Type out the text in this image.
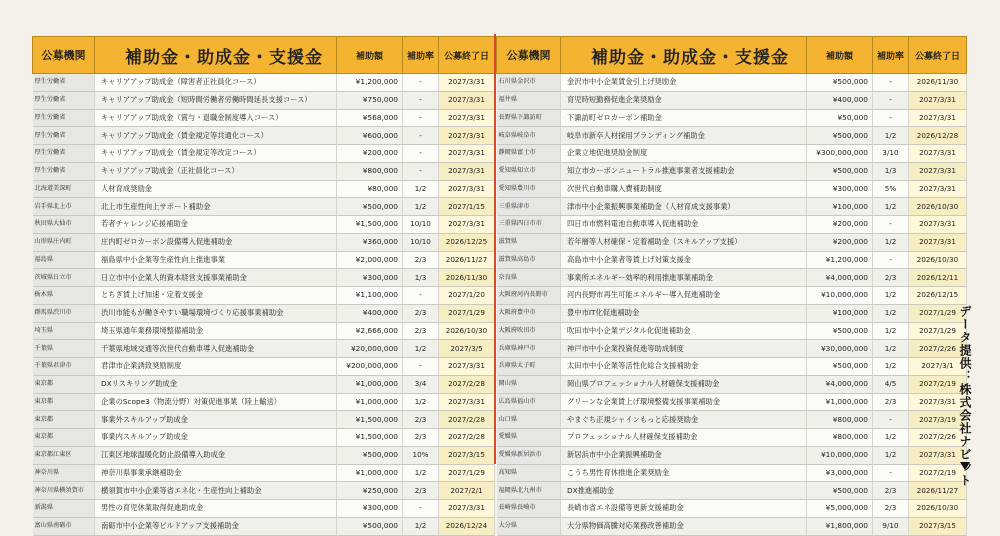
公募機関	補助金・助成金・支援金	補助額	補助率	公募終了日
厚生労働省	キャリアアップ助成金（障害者正社員化コース）	¥1,200,000	-	2027/3/31
厚生労働省	キャリアアップ助成金（短時間労働者労働時間延長支援コース）	¥750,000	-	2027/3/31
厚生労働省	キャリアアップ助成金（賞与・退職金制度導入コース）	¥568,000	-	2027/3/31
厚生労働省	キャリアアップ助成金（賃金規定等共通化コース）	¥600,000	-	2027/3/31
厚生労働省	キャリアアップ助成金（賃金規定等改定コース）	¥200,000	-	2027/3/31
厚生労働省	キャリアアップ助成金（正社員化コース）	¥800,000	-	2027/3/31
北海道美深町	人材育成奨励金	¥80,000	1/2	2027/3/31
岩手県北上市	北上市生産性向上サポート補助金	¥500,000	1/2	2027/1/15
秋田県大仙市	若者チャレンジ応援補助金	¥1,500,000	10/10	2027/3/31
山形県庄内町	庄内町ゼロカーボン設備導入促進補助金	¥360,000	10/10	2026/12/25
福島県	福島県中小企業等生産性向上推進事業	¥2,000,000	2/3	2026/11/27
茨城県日立市	日立市中小企業人的資本経営支援事業補助金	¥300,000	1/3	2026/11/30
栃木県	とちぎ賃上げ加速・定着支援金	¥1,100,000	-	2027/1/20
群馬県渋川市	渋川市能もが働きやすい職場環境づくり応援事業補助金	¥400,000	2/3	2027/1/29
埼玉県	埼玉県通年業務環境整備補助金	¥2,666,000	2/3	2026/10/30
千葉県	千葉県地域交通等次世代自動車導入促進補助金	¥20,000,000	1/2	2027/3/5
千葉県君津市	君津市企業誘致奨励制度	¥200,000,000	-	2027/3/31
東京都	DXリスキリング助成金	¥1,000,000	3/4	2027/2/28
東京都	企業のScope3（物流分野）対策促進事業（陸上輸送）	¥1,000,000	1/2	2027/3/31
東京都	事業外スキルアップ助成金	¥1,500,000	2/3	2027/2/28
東京都	事業内スキルアップ助成金	¥1,500,000	2/3	2027/2/28
東京都江東区	江東区地球温暖化防止設備導入助成金	¥500,000	10%	2027/3/15
神奈川県	神奈川県事業承継補助金	¥1,000,000	1/2	2027/1/29
神奈川県横須賀市	横須賀市中小企業等省エネ化・生産性向上補助金	¥250,000	2/3	2027/2/1
新潟県	男性の育児休業取得促進助成金	¥300,000	-	2027/3/31
富山県南砺市	南砺市中小企業等ビルドアップ支援補助金	¥500,000	1/2	2026/12/24
公募機関	補助金・助成金・支援金	補助額	補助率	公募終了日
石川県金沢市	金沢市中小企業賃金引上げ奨励金	¥500,000	-	2026/11/30
福井県	育児時短勤務促進企業奨励金	¥400,000	-	2027/3/31
長野県下諏訪町	下諏訪町ゼロカーボン補助金	¥50,000	-	2027/3/31
岐阜県岐阜市	岐阜市新卒人材採用ブランディング補助金	¥500,000	1/2	2026/12/28
静岡県富士市	企業立地促進奨励金制度	¥300,000,000	3/10	2027/3/31
愛知県知立市	知立市カーボンニュートラル推進事業者支援補助金	¥500,000	1/3	2027/3/31
愛知県豊川市	次世代自動車購入費補助制度	¥300,000	5%	2027/3/31
三重県津市	津市中小企業振興事業補助金（人材育成支援事業）	¥100,000	1/2	2026/10/30
三重県四日市市	四日市市燃料電池自動車導入促進補助金	¥200,000	-	2027/3/31
滋賀県	若年層等人材確保・定着補助金（スキルアップ支援）	¥200,000	1/2	2027/3/31
滋賀県高島市	高島市中小企業者等賃上げ対策支援金	¥1,200,000	-	2026/10/30
奈良県	事業所エネルギー効率的利用推進事業補助金	¥4,000,000	2/3	2026/12/11
大阪府河内長野市	河内長野市再生可能エネルギー導入促進補助金	¥10,000,000	1/2	2026/12/15
大阪府豊中市	豊中市IT化促進補助金	¥100,000	1/2	2027/1/29
大阪府吹田市	吹田市中小企業デジタル化促進補助金	¥500,000	1/2	2027/1/29
兵庫県神戸市	神戸市中小企業投資促進等助成制度	¥30,000,000	1/2	2027/2/26
兵庫県太子町	太田市中小企業等活性化総合支援補助金	¥500,000	1/2	2027/3/1
岡山県	岡山県プロフェッショナル人材確保支援補助金	¥4,000,000	4/5	2027/2/19
広島県福山市	グリーンな企業賃上げ環境整備支援事業補助金	¥1,000,000	2/3	2027/3/31
山口県	やまぐち正規シャインもっと応援奨励金	¥800,000	-	2027/3/19
愛媛県	プロフェッショナル人材確保支援補助金	¥800,000	1/2	2027/2/26
愛媛県新居浜市	新居浜市中小企業振興補助金	¥10,000,000	1/2	2027/3/31
高知県	こうち男性育休推進企業奨励金	¥3,000,000	-	2027/2/19
福岡県北九州市	DX推進補助金	¥500,000	2/3	2026/11/27
長崎県長崎市	長崎市省エネ設備等更新支援補助金	¥5,000,000	2/3	2026/10/30
大分県	大分県物価高騰対応業務改善補助金	¥1,800,000	9/10	2027/3/15
データ提供：株式会社ナビット
